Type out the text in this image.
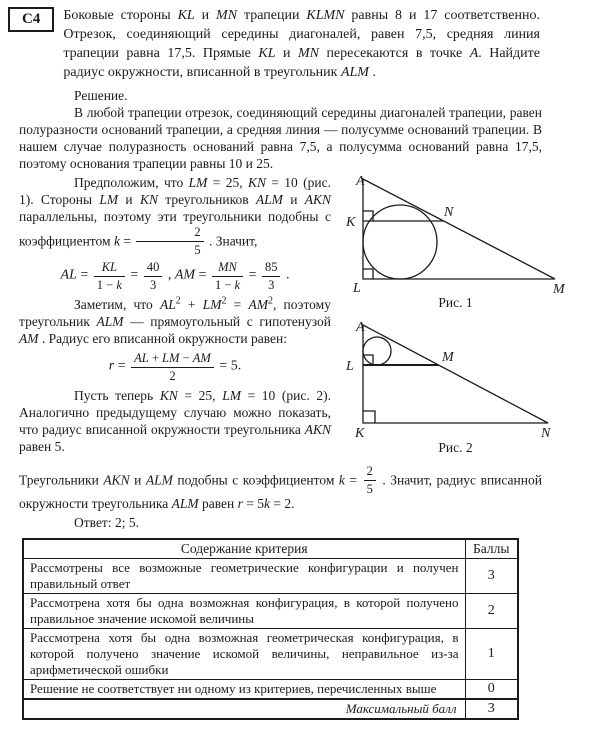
С4	Боковые стороны KL и MN трапеции KLMN равны 8 и 17 соответственно. Отрезок, соединяющий середины диагоналей, равен 7,5, средняя линия трапеции равна 17,5. Прямые KL и MN пересекаются в точке A. Найдите радиус окружности, вписанной в треугольник ALM .

Решение.

В любой трапеции отрезок, соединяющий середины диагоналей трапеции, равен полуразности оснований трапеции, а средняя линия — полусумме оснований трапеции. В нашем случае полуразность оснований равна 7,5, а полусумма оснований равна 17,5, поэтому основания трапеции равны 10 и 25.

Предположим, что LM = 25, KN = 10 (рис. 1). Стороны LM и KN треугольников ALM и AKN параллельны, поэтому эти треугольники подобны с коэффициентом $k = \frac{2}{5}$ . Значит,

AL = $\frac{KL}{1 - k} = \frac{40}{3}$ , AM = $\frac{MN}{1 - k} = \frac{85}{3}$ .

Заметим, что $AL^2 + LM^2 = AM^2$, поэтому треугольник ALM — прямоугольный с гипотенузой AM . Радиус его вписанной окружности равен:

$r = \frac{AL + LM - AM}{2} = 5$.

Пусть теперь KN = 25, LM = 10 (рис. 2). Аналогично предыдущему случаю можно показать, что радиус вписанной окружности треугольника AKN равен 5.

A
K
L	M
N
Рис. 1
A
L
K
M
N
Рис. 2

Треугольники AKN и ALM подобны с коэффициентом $k = \frac{2}{5}$ . Значит, радиус вписанной окружности треугольника ALM равен r = 5k = 2.

Ответ: 2; 5.

Содержание критерия	Баллы
Рассмотрены все возможные геометрические конфигурации и получен правильный ответ	3
Рассмотрена хотя бы одна возможная конфигурация, в которой получено правильное значение искомой величины	2
Рассмотрена хотя бы одна возможная геометрическая конфигурация, в которой получено значение искомой величины, неправильное из-за арифметической ошибки	1
Решение не соответствует ни одному из критериев, перечисленных выше	0
Максимальный балл	3
